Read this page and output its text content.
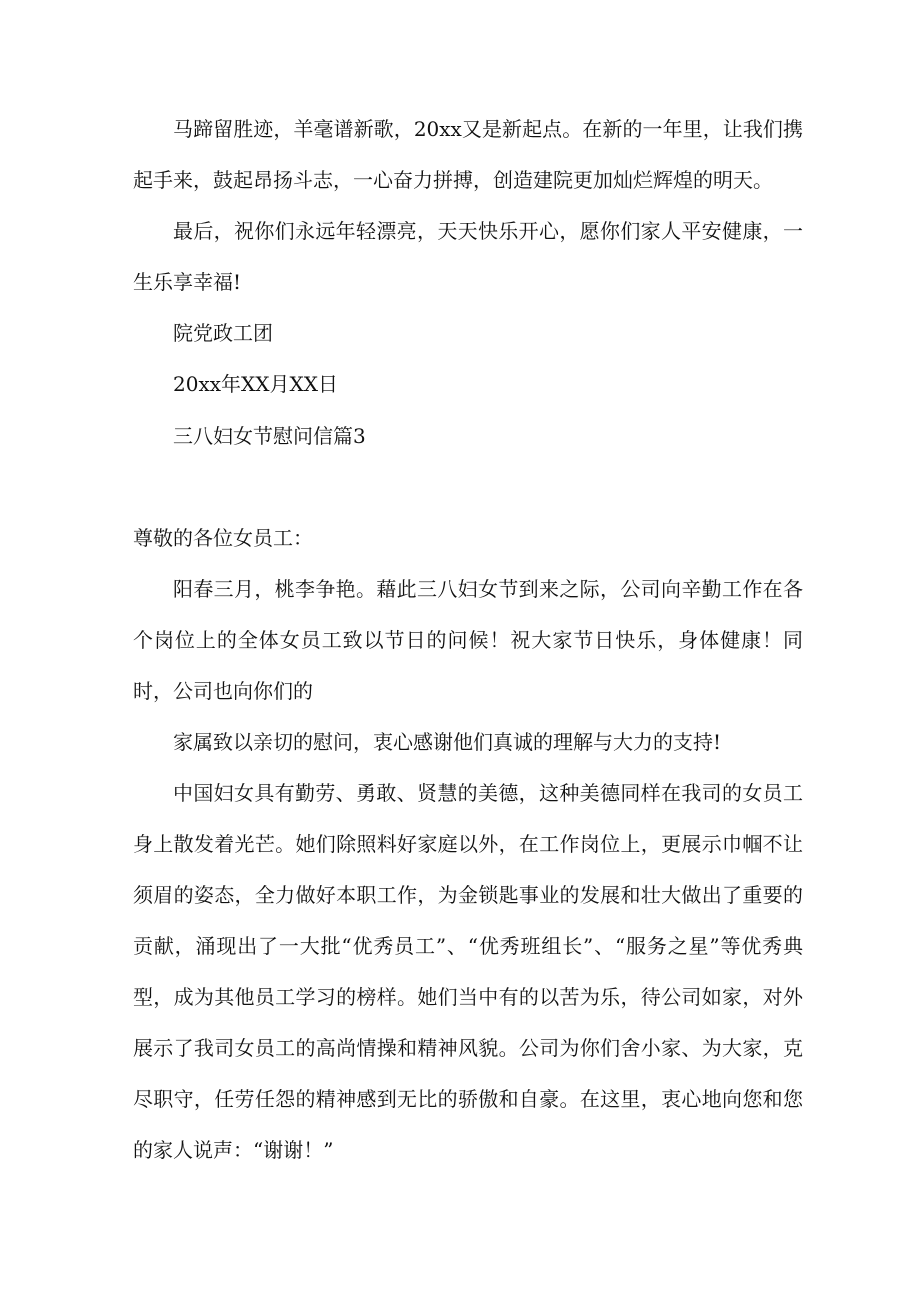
马蹄留胜迹，羊毫谱新歌，20xx又是新起点。在新的一年里，让我们携起手来，鼓起昂扬斗志，一心奋力拼搏，创造建院更加灿烂辉煌的明天。

最后，祝你们永远年轻漂亮，天天快乐开心，愿你们家人平安健康，一生乐享幸福!

院党政工团

20xx年XX月XX日

三八妇女节慰问信篇3

尊敬的各位女员工：

阳春三月，桃李争艳。藉此三八妇女节到来之际，公司向辛勤工作在各个岗位上的全体女员工致以节日的问候！祝大家节日快乐，身体健康！同时，公司也向你们的

家属致以亲切的慰问，衷心感谢他们真诚的理解与大力的支持!

中国妇女具有勤劳、勇敢、贤慧的美德，这种美德同样在我司的女员工身上散发着光芒。她们除照料好家庭以外，在工作岗位上，更展示巾帼不让须眉的姿态，全力做好本职工作，为金锁匙事业的发展和壮大做出了重要的贡献，涌现出了一大批“优秀员工”、“优秀班组长”、“服务之星”等优秀典型，成为其他员工学习的榜样。她们当中有的以苦为乐，待公司如家，对外展示了我司女员工的高尚情操和精神风貌。公司为你们舍小家、为大家，克尽职守，任劳任怨的精神感到无比的骄傲和自豪。在这里，衷心地向您和您的家人说声：“谢谢！”
